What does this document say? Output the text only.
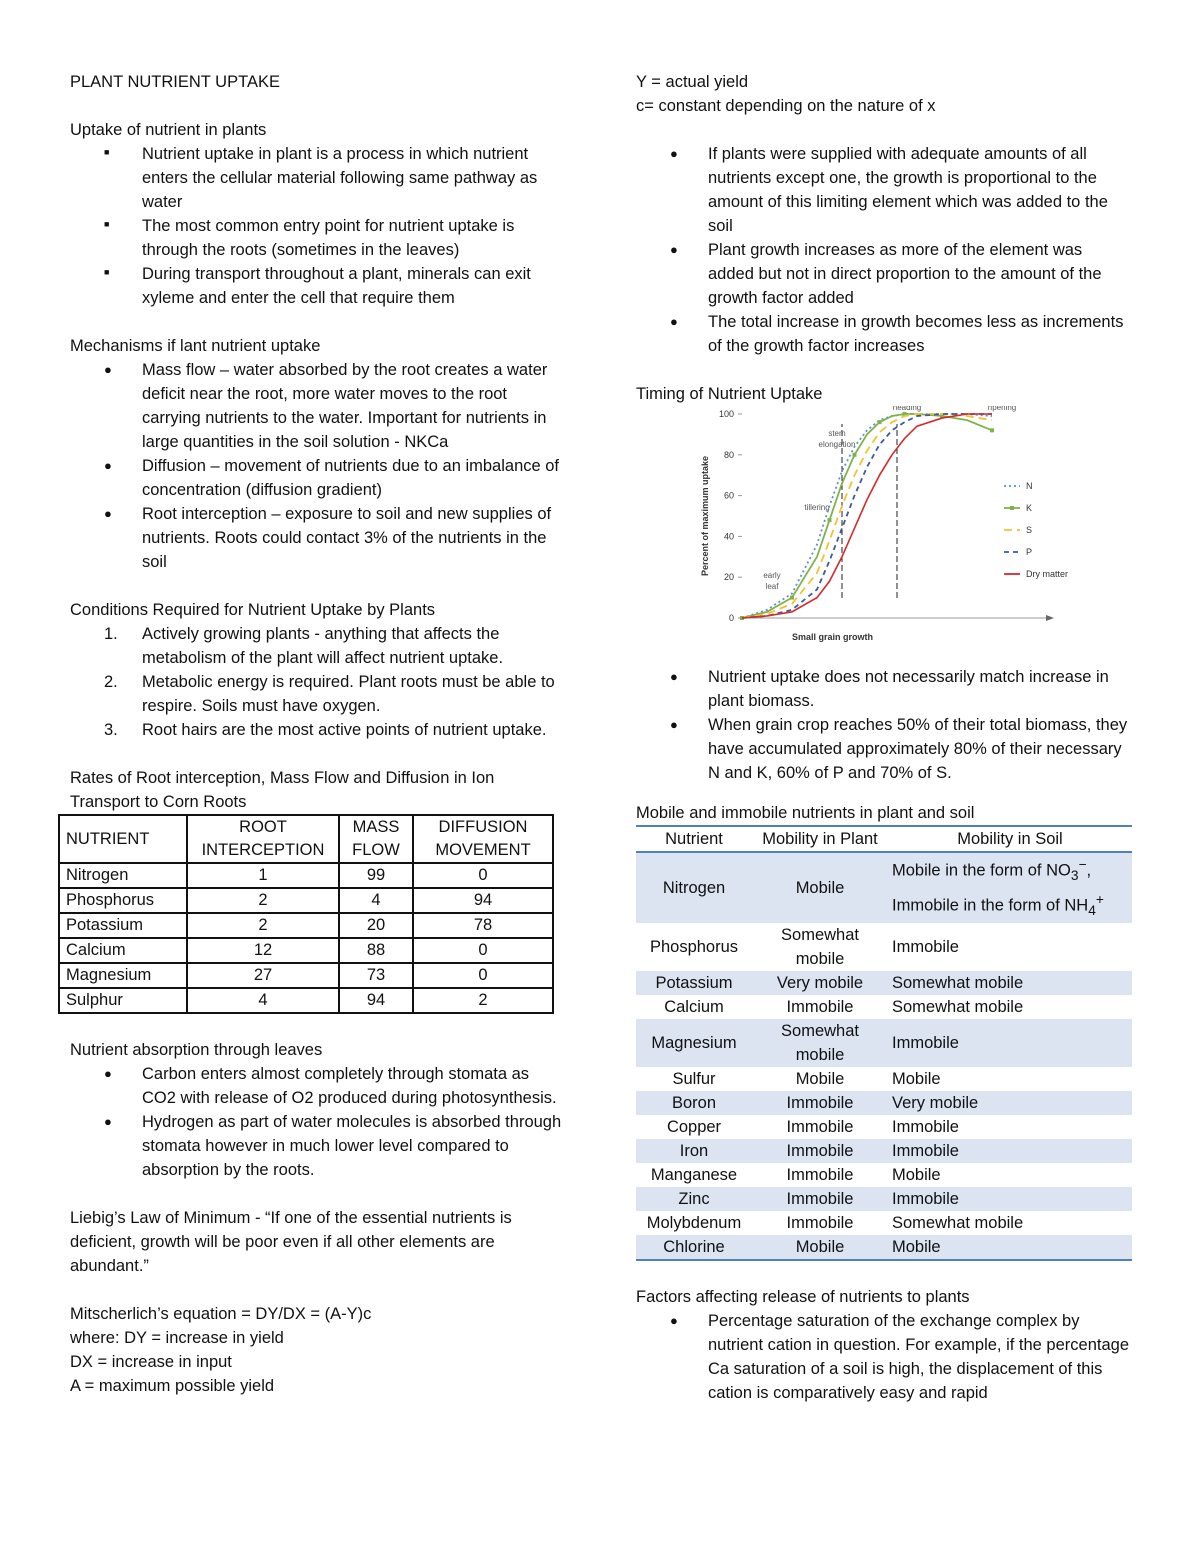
PLANT NUTRIENT UPTAKE

Uptake of nutrient in plants

■	Nutrient uptake in plant is a process in which nutrient enters the cellular material following same pathway as water
■	The most common entry point for nutrient uptake is through the roots (sometimes in the leaves)
■	During transport throughout a plant, minerals can exit xyleme and enter the cell that require them

Mechanisms if lant nutrient uptake

●	Mass flow – water absorbed by the root creates a water deficit near the root, more water moves to the root carrying nutrients to the water. Important for nutrients in large quantities in the soil solution - NKCa
●	Diffusion – movement of nutrients due to an imbalance of concentration (diffusion gradient)
●	Root interception – exposure to soil and new supplies of nutrients. Roots could contact 3% of the nutrients in the soil

Conditions Required for Nutrient Uptake by Plants

1.	Actively growing plants - anything that affects the metabolism of the plant will affect nutrient uptake.
2.	Metabolic energy is required. Plant roots must be able to respire. Soils must have oxygen.
3.	Root hairs are the most active points of nutrient uptake.

Rates of Root interception, Mass Flow and Diffusion in Ion Transport to Corn Roots

NUTRIENT	ROOT INTERCEPTION	MASS FLOW	DIFFUSION MOVEMENT
Nitrogen	1	99	0
Phosphorus	2	4	94
Potassium	2	20	78
Calcium	12	88	0
Magnesium	27	73	0
Sulphur	4	94	2

Nutrient absorption through leaves

●	Carbon enters almost completely through stomata as CO2 with release of O2 produced during photosynthesis.
●	Hydrogen as part of water molecules is absorbed through stomata however in much lower level compared to absorption by the roots.

Liebig’s Law of Minimum - “If one of the essential nutrients is deficient, growth will be poor even if all other elements are abundant.”

Mitscherlich’s equation = DY/DX = (A-Y)c

where: DY = increase in yield

DX = increase in input

A = maximum possible yield

Y = actual yield

c= constant depending on the nature of x

●	If plants were supplied with adequate amounts of all nutrients except one, the growth is proportional to the amount of this limiting element which was added to the soil
●	Plant growth increases as more of the element was added but not in direct proportion to the amount of the growth factor added
●	The total increase in growth becomes less as increments of the growth factor increases

Timing of Nutrient Uptake

0
20
40
60
80
100
Percent of maximum uptake
Small grain growth
early leaf
tillering
stem elongation
heading	ripening
N
K
S
P
Dry matter
●	Nutrient uptake does not necessarily match increase in plant biomass.
●	When grain crop reaches 50% of their total biomass, they have accumulated approximately 80% of their necessary N and K, 60% of P and 70% of S.

Mobile and immobile nutrients in plant and soil

Nutrient	Mobility in Plant	Mobility in Soil
Nitrogen	Mobile	Mobile in the form of $NO_3^-$, Immobile in the form of $NH_4^+$
Phosphorus	Somewhat mobile	Immobile
Potassium	Very mobile	Somewhat mobile
Calcium	Immobile	Somewhat mobile
Magnesium	Somewhat mobile	Immobile
Sulfur	Mobile	Mobile
Boron	Immobile	Very mobile
Copper	Immobile	Immobile
Iron	Immobile	Immobile
Manganese	Immobile	Mobile
Zinc	Immobile	Immobile
Molybdenum	Immobile	Somewhat mobile
Chlorine	Mobile	Mobile

Factors affecting release of nutrients to plants

●	Percentage saturation of the exchange complex by nutrient cation in question. For example, if the percentage Ca saturation of a soil is high, the displacement of this cation is comparatively easy and rapid
